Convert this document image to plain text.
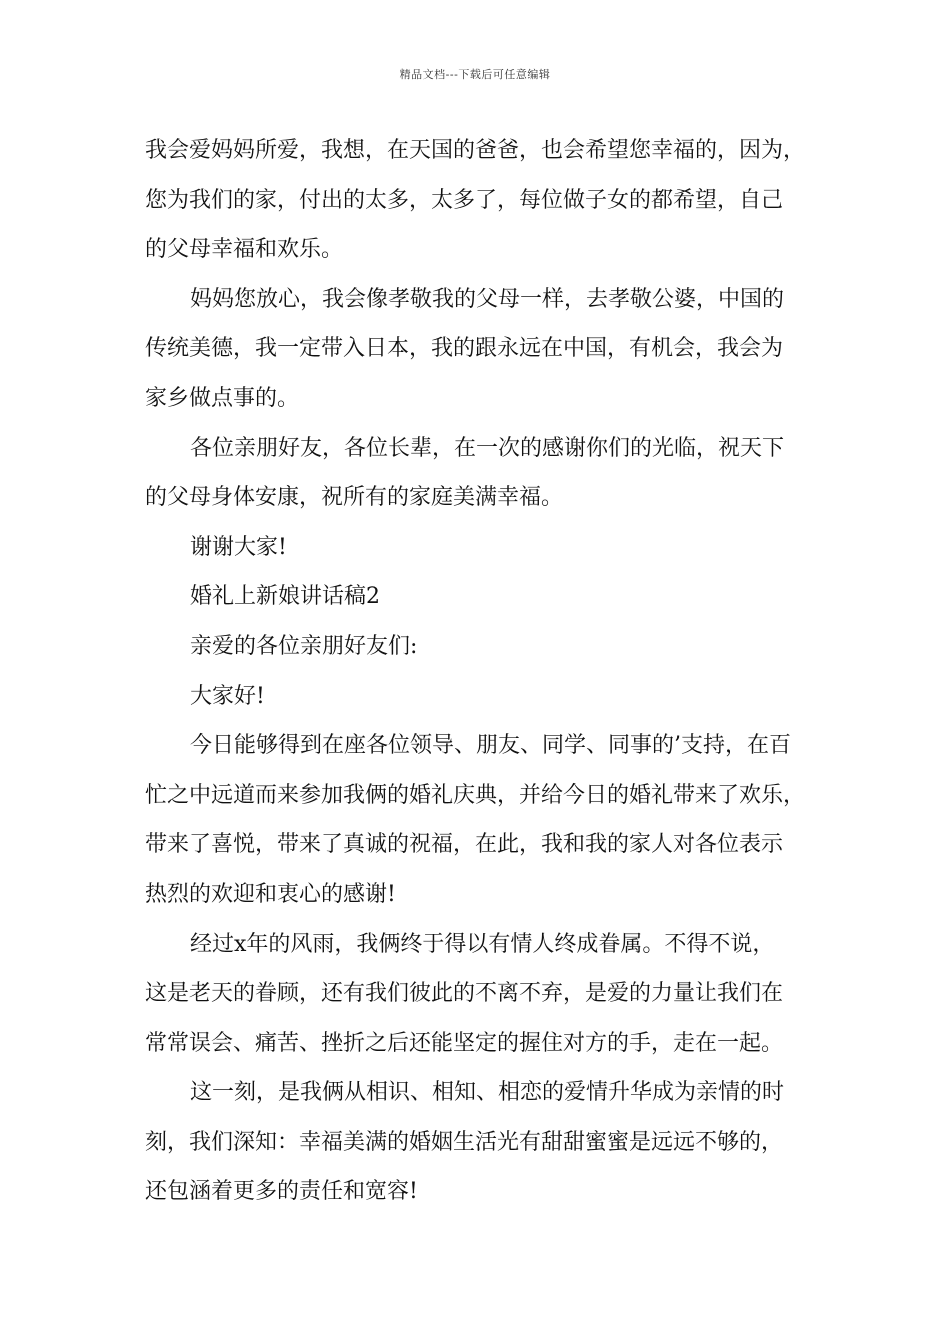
精品文档---下载后可任意编辑

我会爱妈妈所爱，我想，在天国的爸爸，也会希望您幸福的，因为，
您为我们的家，付出的太多，太多了，每位做子女的都希望，自己
的父母幸福和欢乐。

妈妈您放心，我会像孝敬我的父母一样，去孝敬公婆，中国的
传统美德，我一定带入日本，我的跟永远在中国，有机会，我会为
家乡做点事的。

各位亲朋好友，各位长辈，在一次的感谢你们的光临，祝天下
的父母身体安康，祝所有的家庭美满幸福。

谢谢大家!

婚礼上新娘讲话稿2

亲爱的各位亲朋好友们:

大家好!

今日能够得到在座各位领导、朋友、同学、同事的’支持，在百
忙之中远道而来参加我俩的婚礼庆典，并给今日的婚礼带来了欢乐，
带来了喜悦，带来了真诚的祝福，在此，我和我的家人对各位表示
热烈的欢迎和衷心的感谢!

经过x年的风雨，我俩终于得以有情人终成眷属。不得不说，
这是老天的眷顾，还有我们彼此的不离不弃，是爱的力量让我们在
常常误会、痛苦、挫折之后还能坚定的握住对方的手，走在一起。

这一刻，是我俩从相识、相知、相恋的爱情升华成为亲情的时
刻，我们深知：幸福美满的婚姻生活光有甜甜蜜蜜是远远不够的，
还包涵着更多的责任和宽容!
